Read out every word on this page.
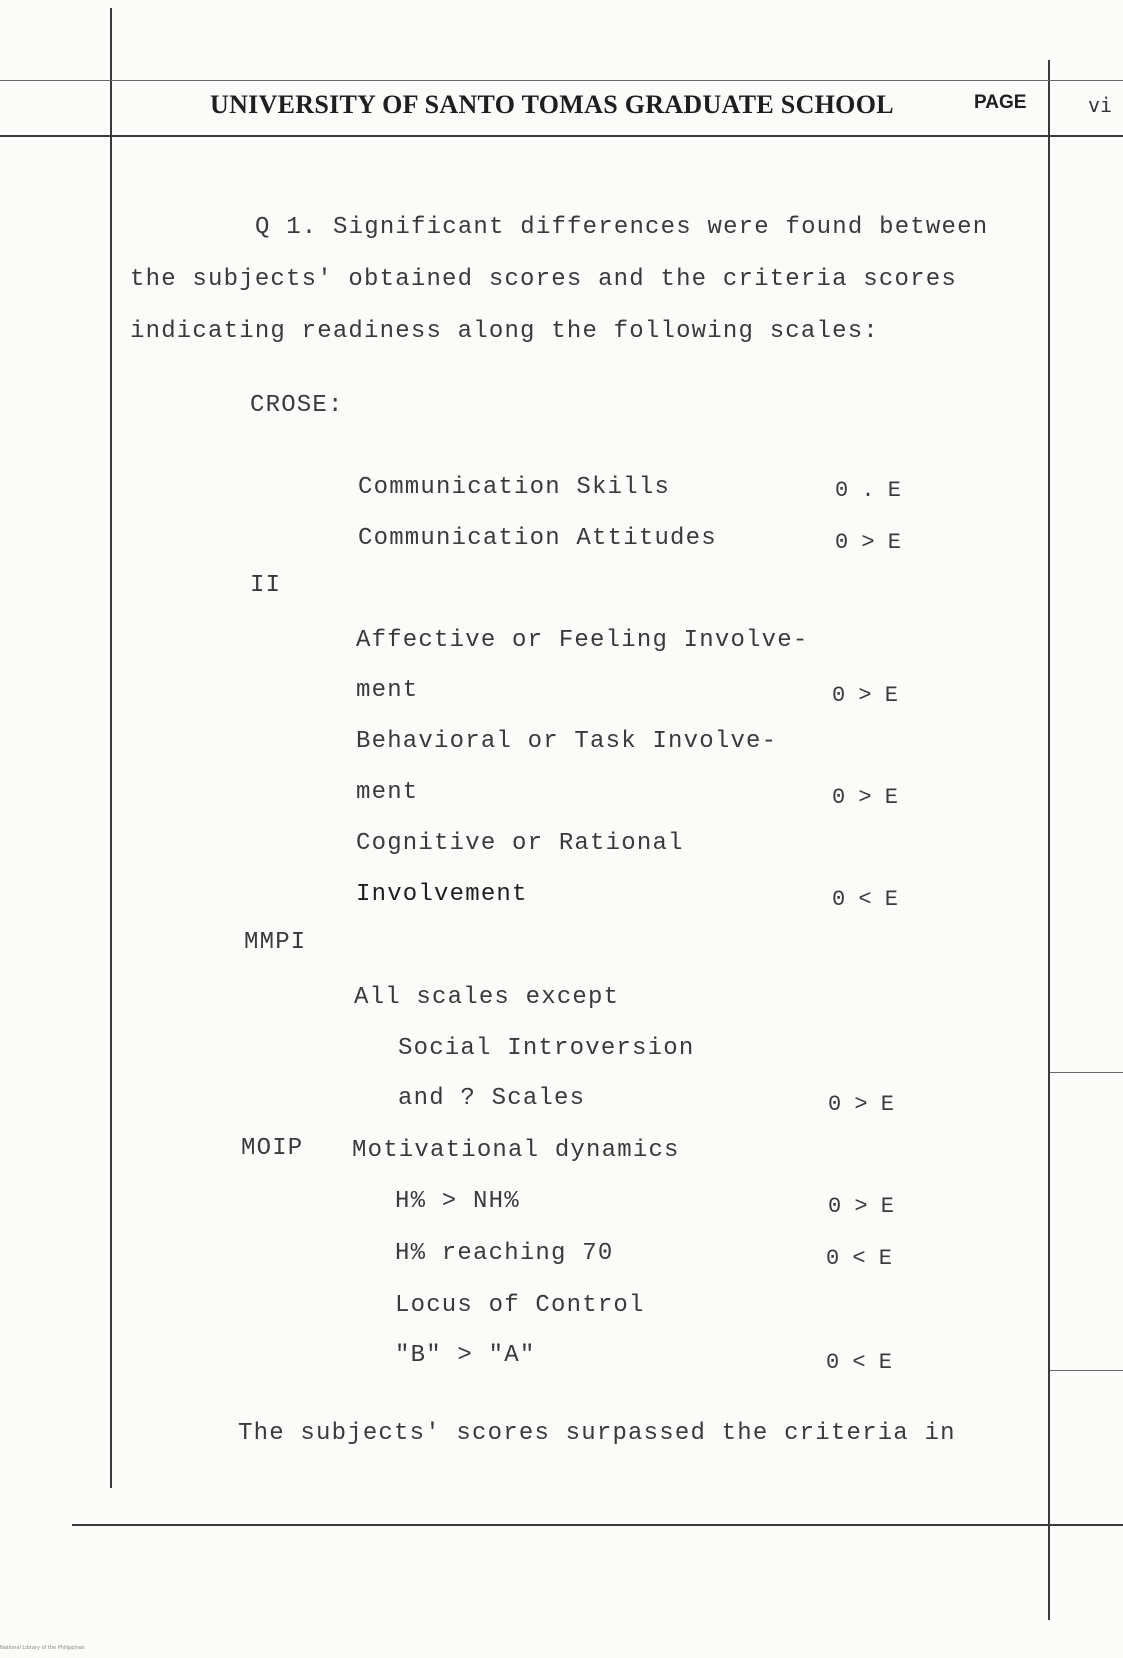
UNIVERSITY OF SANTO TOMAS GRADUATE SCHOOL	PAGE	vi
Q 1. Significant differences were found between
the subjects' obtained scores and the criteria scores
indicating readiness along the following scales:
CROSE:
Communication Skills	0 . E
Communication Attitudes	0 > E
II
Affective or Feeling Involve-
ment	0 > E
Behavioral or Task Involve-
ment	0 > E
Cognitive or Rational
Involvement	0 < E
MMPI
All scales except
Social Introversion
and ? Scales	0 > E
MOIP Motivational dynamics
H% > NH%	0 > E
H% reaching 70	0 < E
Locus of Control
"B" > "A"	0 < E
The subjects' scores surpassed the criteria in
National Library of the Philippines
